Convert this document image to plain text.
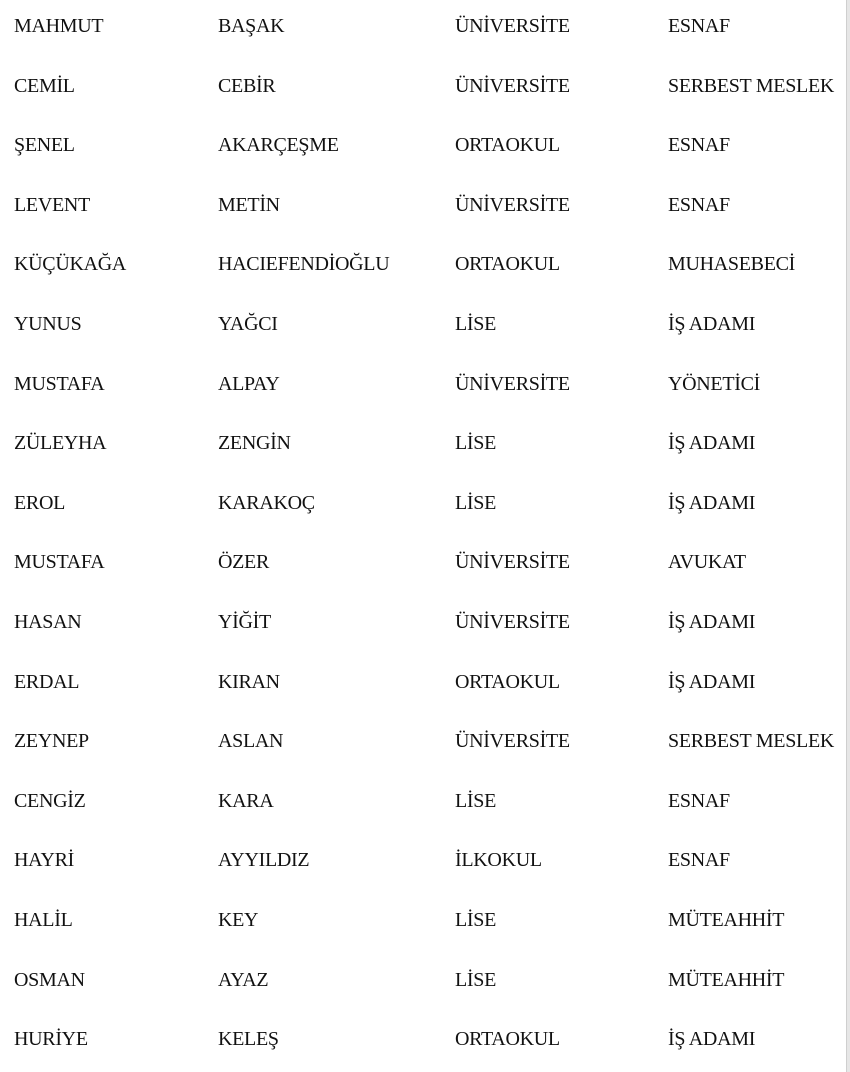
MAHMUT	BAŞAK	ÜNİVERSİTE	ESNAF
CEMİL	CEBİR	ÜNİVERSİTE	SERBEST MESLEK
ŞENEL	AKARÇEŞME	ORTAOKUL	ESNAF
LEVENT	METİN	ÜNİVERSİTE	ESNAF
KÜÇÜKAĞA	HACIEFENDİOĞLU	ORTAOKUL	MUHASEBECİ
YUNUS	YAĞCI	LİSE	İŞ ADAMI
MUSTAFA	ALPAY	ÜNİVERSİTE	YÖNETİCİ
ZÜLEYHA	ZENGİN	LİSE	İŞ ADAMI
EROL	KARAKOÇ	LİSE	İŞ ADAMI
MUSTAFA	ÖZER	ÜNİVERSİTE	AVUKAT
HASAN	YİĞİT	ÜNİVERSİTE	İŞ ADAMI
ERDAL	KIRAN	ORTAOKUL	İŞ ADAMI
ZEYNEP	ASLAN	ÜNİVERSİTE	SERBEST MESLEK
CENGİZ	KARA	LİSE	ESNAF
HAYRİ	AYYILDIZ	İLKOKUL	ESNAF
HALİL	KEY	LİSE	MÜTEAHHİT
OSMAN	AYAZ	LİSE	MÜTEAHHİT
HURİYE	KELEŞ	ORTAOKUL	İŞ ADAMI
